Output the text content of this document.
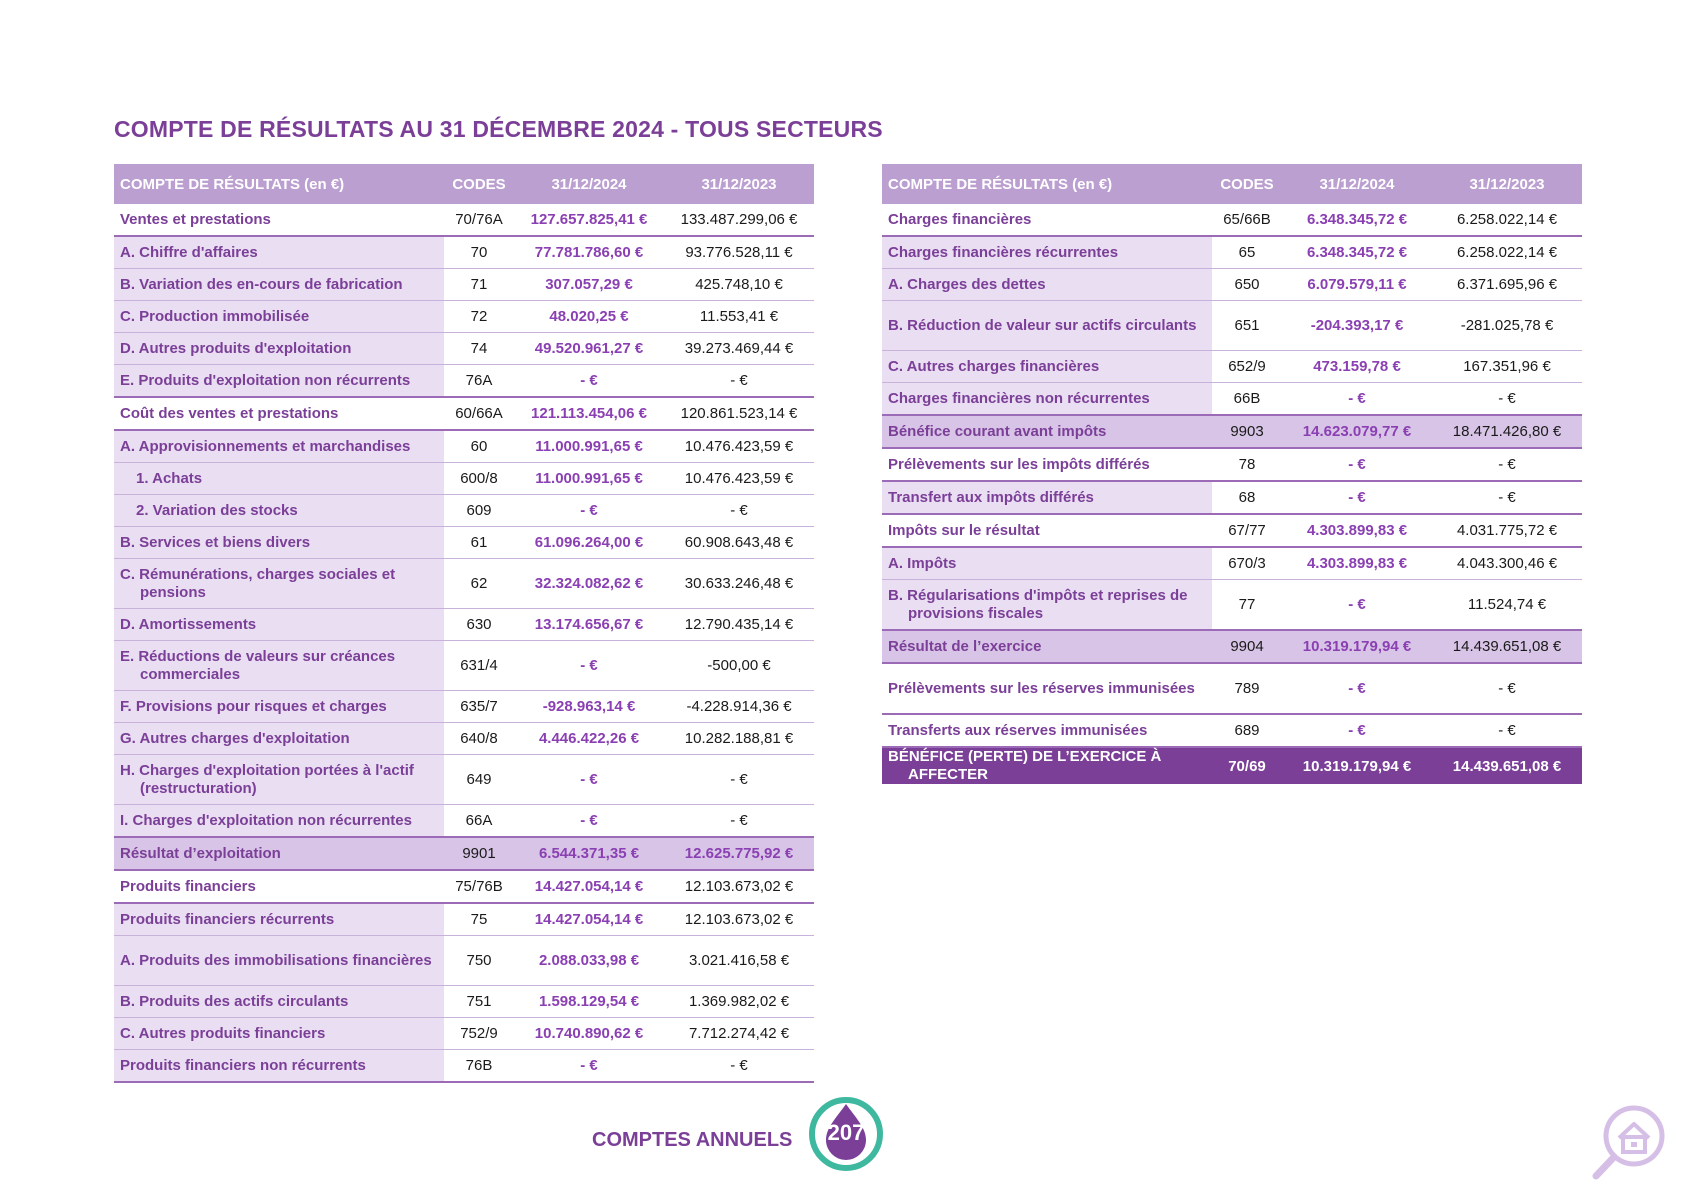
COMPTE DE RÉSULTATS AU 31 DÉCEMBRE 2024 - TOUS SECTEURS
COMPTE DE RÉSULTATS (en €)	CODES	31/12/2024	31/12/2023
Ventes et prestations	70/76A	127.657.825,41 €	133.487.299,06 €
A. Chiffre d'affaires	70	77.781.786,60 €	93.776.528,11 €
B. Variation des en-cours de fabrication	71	307.057,29 €	425.748,10 €
C. Production immobilisée	72	48.020,25 €	11.553,41 €
D. Autres produits d'exploitation	74	49.520.961,27 €	39.273.469,44 €
E. Produits d'exploitation non récurrents	76A	- €	- €
Coût des ventes et prestations	60/66A	121.113.454,06 €	120.861.523,14 €
A. Approvisionnements et marchandises	60	11.000.991,65 €	10.476.423,59 €
1. Achats	600/8	11.000.991,65 €	10.476.423,59 €
2. Variation des stocks	609	- €	- €
B. Services et biens divers	61	61.096.264,00 €	60.908.643,48 €
C. Rémunérations, charges sociales et pensions	62	32.324.082,62 €	30.633.246,48 €
D. Amortissements	630	13.174.656,67 €	12.790.435,14 €
E. Réductions de valeurs sur créances commerciales	631/4	- €	-500,00 €
F. Provisions pour risques et charges	635/7	-928.963,14 €	-4.228.914,36 €
G. Autres charges d'exploitation	640/8	4.446.422,26 €	10.282.188,81 €
H. Charges d'exploitation portées à l'actif (restructuration)	649	- €	- €
I. Charges d'exploitation non récurrentes	66A	- €	- €
Résultat d’exploitation	9901	6.544.371,35 €	12.625.775,92 €
Produits financiers	75/76B	14.427.054,14 €	12.103.673,02 €
Produits financiers récurrents	75	14.427.054,14 €	12.103.673,02 €
A. Produits des immobilisations financières	750	2.088.033,98 €	3.021.416,58 €
B. Produits des actifs circulants	751	1.598.129,54 €	1.369.982,02 €
C. Autres produits financiers	752/9	10.740.890,62 €	7.712.274,42 €
Produits financiers non récurrents	76B	- €	- €
COMPTE DE RÉSULTATS (en €)	CODES	31/12/2024	31/12/2023
Charges financières	65/66B	6.348.345,72 €	6.258.022,14 €
Charges financières récurrentes	65	6.348.345,72 €	6.258.022,14 €
A. Charges des dettes	650	6.079.579,11 €	6.371.695,96 €
B. Réduction de valeur sur actifs circulants	651	-204.393,17 €	-281.025,78 €
C. Autres charges financières	652/9	473.159,78 €	167.351,96 €
Charges financières non récurrentes	66B	- €	- €
Bénéfice courant avant impôts	9903	14.623.079,77 €	18.471.426,80 €
Prélèvements sur les impôts différés	78	- €	- €
Transfert aux impôts différés	68	- €	- €
Impôts sur le résultat	67/77	4.303.899,83 €	4.031.775,72 €
A. Impôts	670/3	4.303.899,83 €	4.043.300,46 €
B. Régularisations d'impôts et reprises de provisions fiscales	77	- €	11.524,74 €
Résultat de l’exercice	9904	10.319.179,94 €	14.439.651,08 €
Prélèvements sur les réserves immunisées	789	- €	- €
Transferts aux réserves immunisées	689	- €	- €
BÉNÉFICE (PERTE) DE L’EXERCICE À AFFECTER	70/69	10.319.179,94 €	14.439.651,08 €
COMPTES ANNUELS	207
